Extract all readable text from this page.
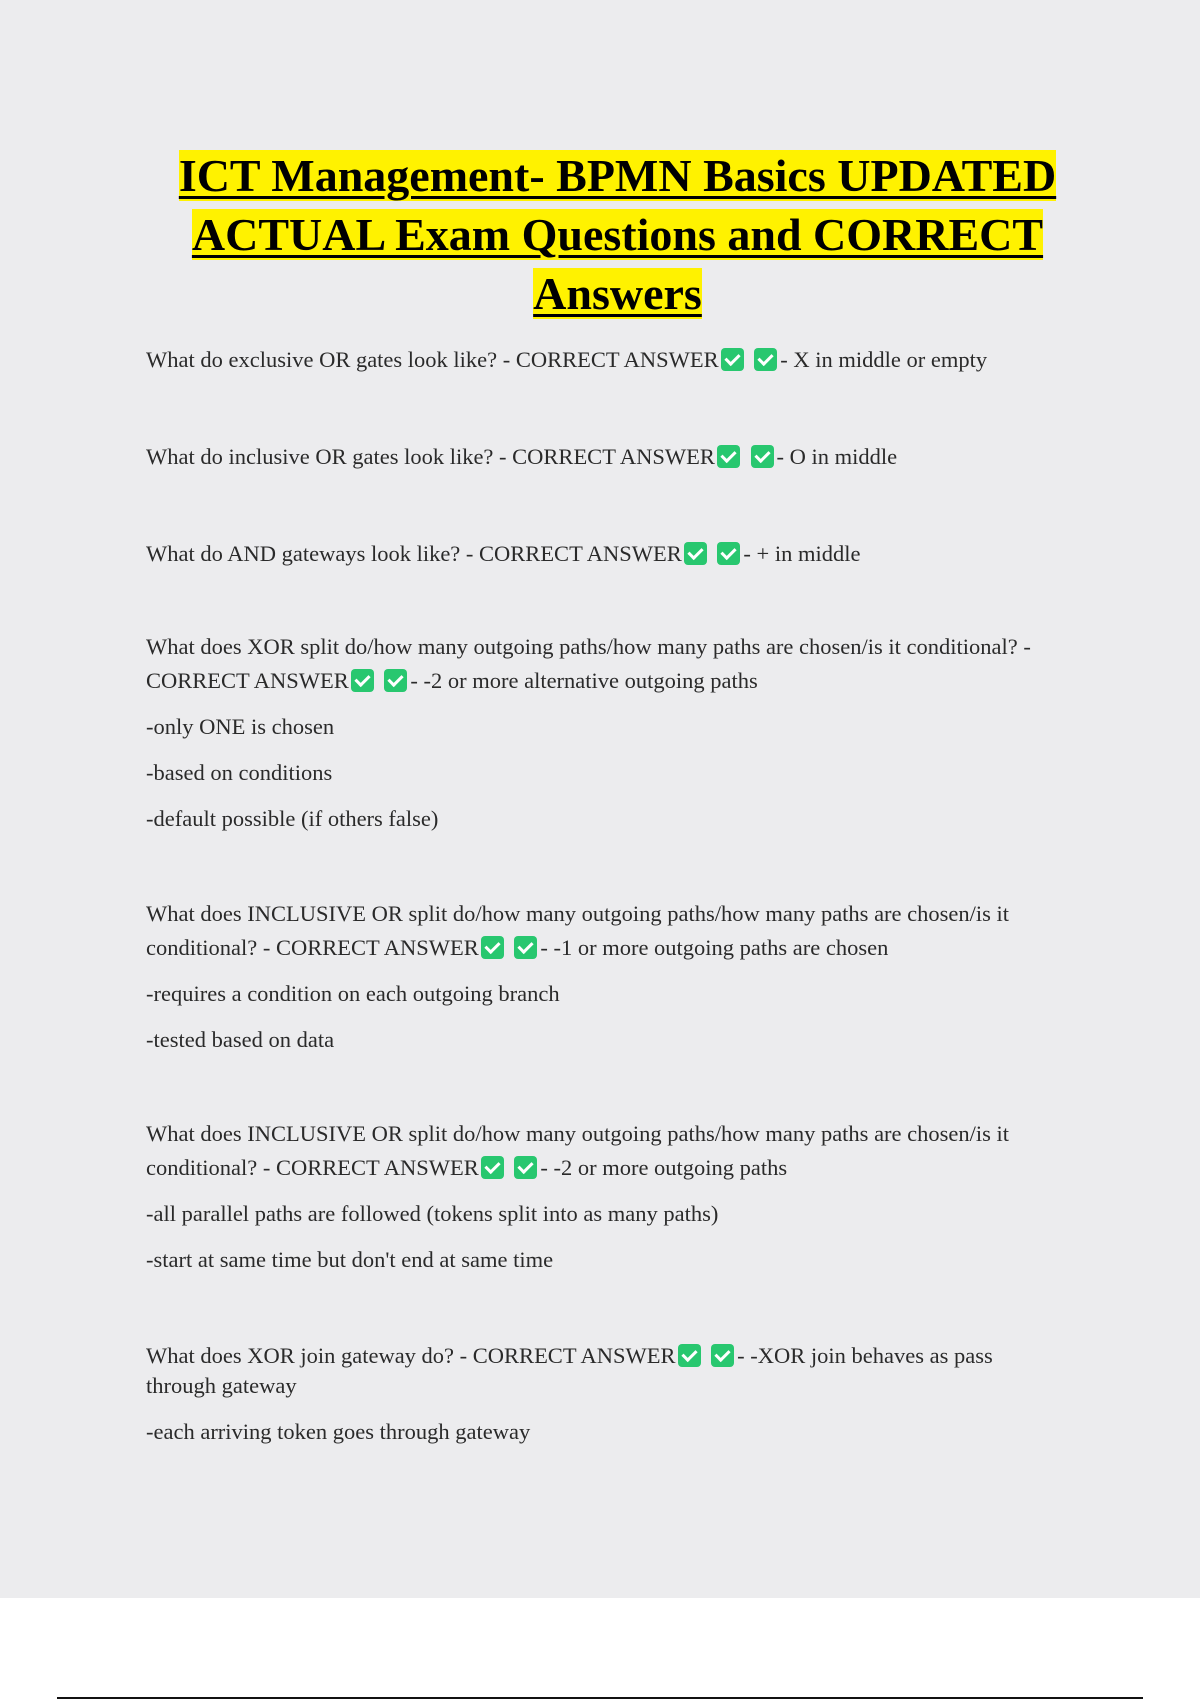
ICT Management- BPMN Basics UPDATED ACTUAL Exam Questions and CORRECT Answers

What do exclusive OR gates look like? - CORRECT ANSWER	- X in middle or empty

What do inclusive OR gates look like? - CORRECT ANSWER	- O in middle

What do AND gateways look like? - CORRECT ANSWER	- + in middle

What does XOR split do/how many outgoing paths/how many paths are chosen/is it conditional? - CORRECT ANSWER	- -2 or more alternative outgoing paths

-only ONE is chosen

-based on conditions

-default possible (if others false)

What does INCLUSIVE OR split do/how many outgoing paths/how many paths are chosen/is it conditional? - CORRECT ANSWER	- -1 or more outgoing paths are chosen

-requires a condition on each outgoing branch

-tested based on data

What does INCLUSIVE OR split do/how many outgoing paths/how many paths are chosen/is it conditional? - CORRECT ANSWER	- -2 or more outgoing paths

-all parallel paths are followed (tokens split into as many paths)

-start at same time but don't end at same time

What does XOR join gateway do? - CORRECT ANSWER	- -XOR join behaves as pass through gateway

-each arriving token goes through gateway
